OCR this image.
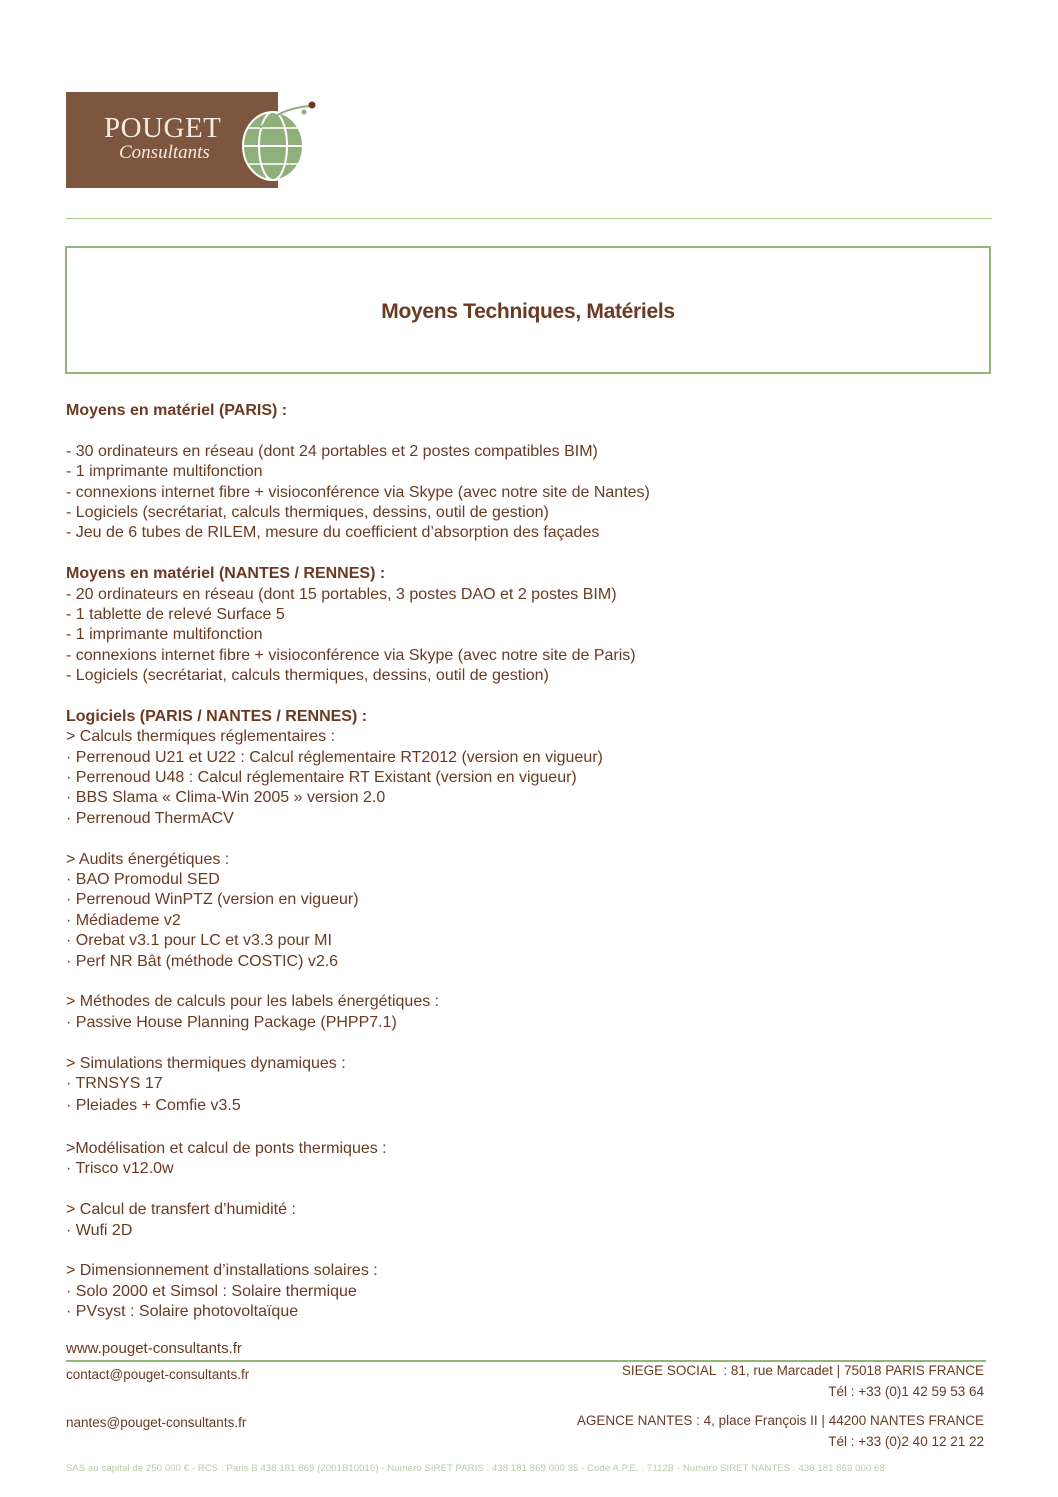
POUGET
Consultants
Moyens Techniques, Matériels
Moyens en matériel (PARIS) :
- 30 ordinateurs en réseau (dont 24 portables et 2 postes compatibles BIM)
- 1 imprimante multifonction
- connexions internet fibre + visioconférence via Skype (avec notre site de Nantes)
- Logiciels (secrétariat, calculs thermiques, dessins, outil de gestion)
- Jeu de 6 tubes de RILEM, mesure du coefficient d’absorption des façades
Moyens en matériel (NANTES / RENNES) :
- 20 ordinateurs en réseau (dont 15 portables, 3 postes DAO et 2 postes BIM)
- 1 tablette de relevé Surface 5
- 1 imprimante multifonction
- connexions internet fibre + visioconférence via Skype (avec notre site de Paris)
- Logiciels (secrétariat, calculs thermiques, dessins, outil de gestion)
Logiciels (PARIS / NANTES / RENNES) :
> Calculs thermiques réglementaires :
· Perrenoud U21 et U22 : Calcul réglementaire RT2012 (version en vigueur)
· Perrenoud U48 : Calcul réglementaire RT Existant (version en vigueur)
· BBS Slama « Clima-Win 2005 » version 2.0
· Perrenoud ThermACV
> Audits énergétiques :
· BAO Promodul SED
· Perrenoud WinPTZ (version en vigueur)
· Médiademe v2
· Orebat v3.1 pour LC et v3.3 pour MI
· Perf NR Bât (méthode COSTIC) v2.6
> Méthodes de calculs pour les labels énergétiques :
· Passive House Planning Package (PHPP7.1)
> Simulations thermiques dynamiques :
· TRNSYS 17
· Pleiades + Comfie v3.5
>Modélisation et calcul de ponts thermiques :
· Trisco v12.0w
> Calcul de transfert d’humidité :
· Wufi 2D
> Dimensionnement d’installations solaires :
· Solo 2000 et Simsol : Solaire thermique
· PVsyst : Solaire photovoltaïque
www.pouget-consultants.fr
contact@pouget-consultants.fr	SIEGE SOCIAL  : 81, rue Marcadet | 75018 PARIS FRANCE
Tél : +33 (0)1 42 59 53 64
nantes@pouget-consultants.fr	AGENCE NANTES : 4, place François II | 44200 NANTES FRANCE
Tél : +33 (0)2 40 12 21 22
SAS au capital de 250 000 € - RCS : Paris B 438 181 869 (2001B10016) - Numéro SIRET PARIS . 438 181 869 000 35 - Code A.P.E. . 7112B - Numéro SIRET NANTES . 438 181 869 000 68
